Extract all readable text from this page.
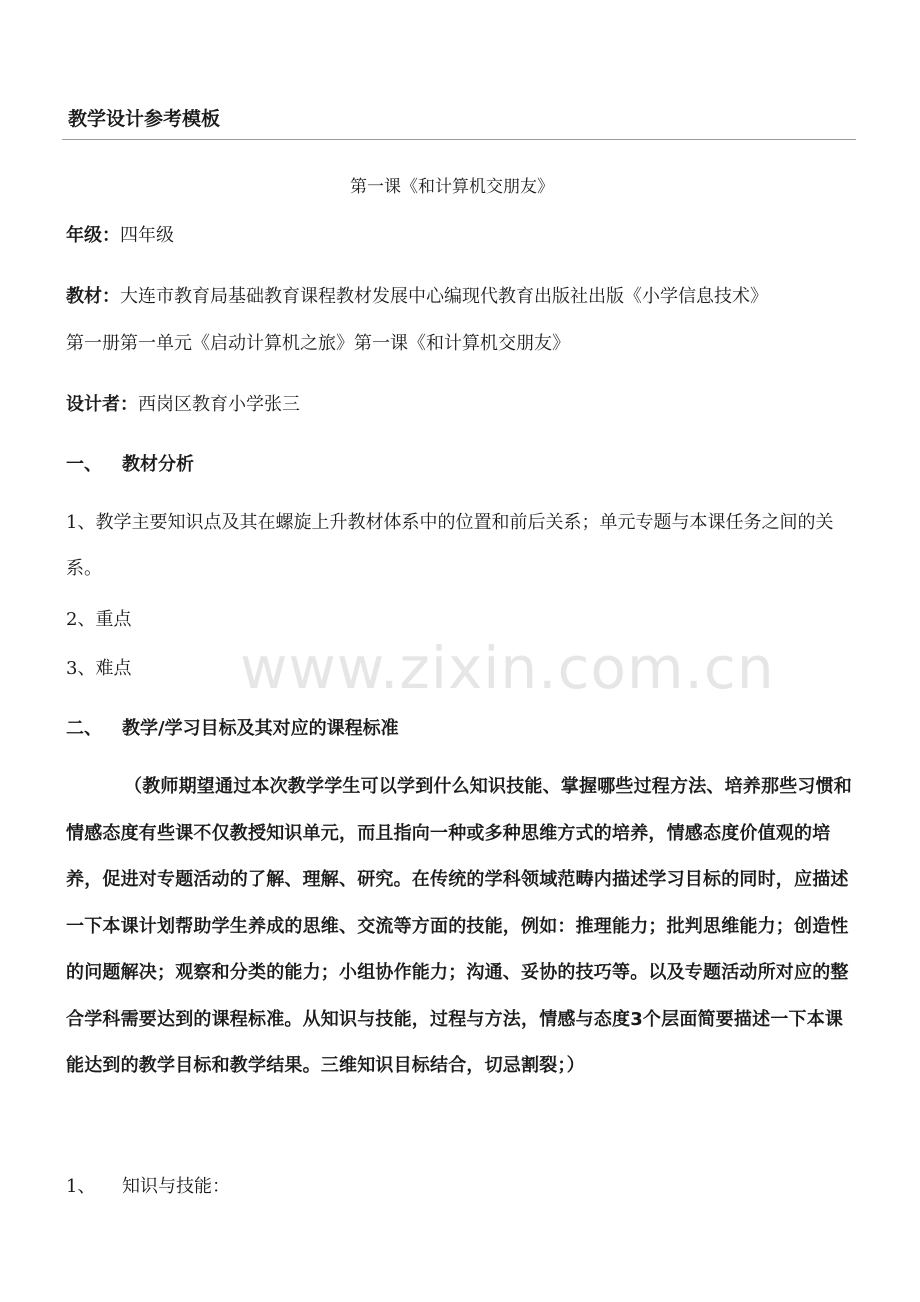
教学设计参考模板
第一课《和计算机交朋友》
年级：四年级
教材：大连市教育局基础教育课程教材发展中心编现代教育出版社出版《小学信息技术》
第一册第一单元《启动计算机之旅》第一课《和计算机交朋友》
设计者：西岗区教育小学张三
一、 教材分析
1、教学主要知识点及其在螺旋上升教材体系中的位置和前后关系；单元专题与本课任务之间的关系。
2、重点
3、难点
二、 教学/学习目标及其对应的课程标准
（教师期望通过本次教学学生可以学到什么知识技能、掌握哪些过程方法、培养那些习惯和情感态度有些课不仅教授知识单元，而且指向一种或多种思维方式的培养，情感态度价值观的培养，促进对专题活动的了解、理解、研究。在传统的学科领域范畴内描述学习目标的同时，应描述一下本课计划帮助学生养成的思维、交流等方面的技能，例如：推理能力；批判思维能力；创造性的问题解决；观察和分类的能力；小组协作能力；沟通、妥协的技巧等。以及专题活动所对应的整合学科需要达到的课程标准。从知识与技能，过程与方法，情感与态度3个层面简要描述一下本课能达到的教学目标和教学结果。三维知识目标结合，切忌割裂；）
1、 知识与技能：
www.zixin.com.cn
